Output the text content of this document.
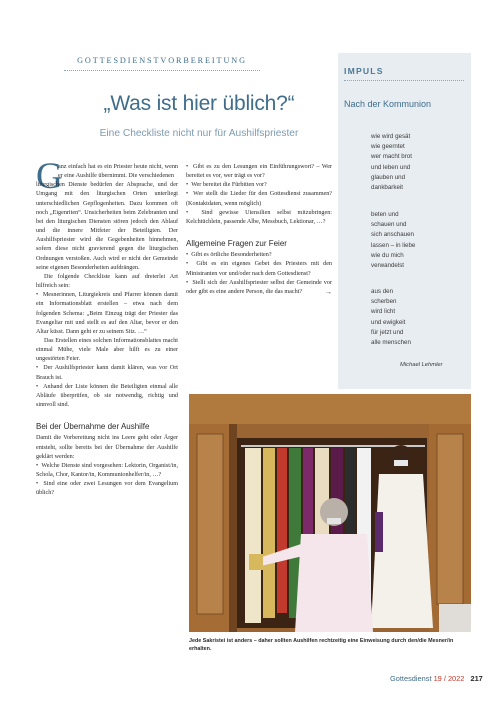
GOTTESDIENSTVORBEREITUNG
IMPULS
Nach der Kommunion
wie wird gesät
wie geerntet
wer macht brot
und leben und
glauben und
dankbarkeit
beten und
schauen und
sich anschauen
lassen – in liebe
wie du mich
verwandelst
aus den
scherben
wird licht
und ewigkeit
für jetzt und
alle menschen
Michael Lehmler
„Was ist hier üblich?“
Eine Checkliste nicht nur für Aushilfspriester
G

anz einfach hat es ein Priester heute nicht, wenn er eine Aushilfe übernimmt. Die verschiedenen

liturgischen Dienste bedürfen der Absprache, und der Umgang mit den liturgischen Orten unterliegt unterschiedlichen Gepflogenheiten. Dazu kommen oft noch „Eigenriten“. Unsicherheiten beim Zelebranten und bei den liturgischen Diensten stören jedoch den Ablauf und die innere Mitfeier der Beteiligten. Der Aushilfspriester wird die Gegebenheiten hinnehmen, sofern diese nicht gravierend gegen die liturgischen Ordnungen verstoßen. Auch wird er nicht der Gemeinde seine eigenen Besonderheiten aufdrängen.

Die folgende Checkliste kann auf dreierlei Art hilfreich sein:

•  Mesnerinnen, Liturgiekreis und Pfarrer können damit ein Informationsblatt erstellen – etwa nach dem folgenden Schema: „Beim Einzug trägt der Priester das Evangeliar mit und stellt es auf den Altar, bevor er den Altar küsst. Dann geht er zu seinem Sitz. …“

Das Erstellen eines solchen Informationsblattes macht einmal Mühe, viele Male aber hilft es zu einer ungestörten Feier.

•  Der Aushilfspriester kann damit klären, was vor Ort Brauch ist.

•  Anhand der Liste können die Beteiligten einmal alle Abläufe überprüfen, ob sie notwendig, richtig und sinnvoll sind.

Bei der Übernahme der Aushilfe

Damit die Vorbereitung nicht ins Leere geht oder Ärger entsteht, sollte bereits bei der Übernahme der Aushilfe geklärt werden:

•  Welche Dienste sind vorgesehen: Lektorin, Organist/in, Schola, Chor, Kantor/in, Kommunionhelfer/in, …?

•  Sind eine oder zwei Lesungen vor dem Evangelium üblich?

•  Gibt es zu den Lesungen ein Einführungswort? – Wer bereitet es vor, wer trägt es vor?

•  Wer bereitet die Fürbitten vor?

•  Wer stellt die Lieder für den Gottesdienst zusammen? (Kontaktdaten, wenn möglich)

•  Sind gewisse Utensilien selbst mitzubringen: Kelchtüchlein, passende Albe, Messbuch, Lektionar, …?

Allgemeine Fragen zur Feier

•  Gibt es örtliche Besonderheiten?

•  Gibt es ein eigenes Gebet des Priesters mit den Ministranten vor und/oder nach dem Gottesdienst?

•  Stellt sich der Aushilfspriester selbst der Gemeinde vor oder gibt es eine andere Person, die das macht?	→

Jede Sakristei ist anders – daher sollten Aushilfen rechtzeitig eine Einweisung durch den/die Mesner/in erhalten.
Gottesdienst 19 / 2022 217
